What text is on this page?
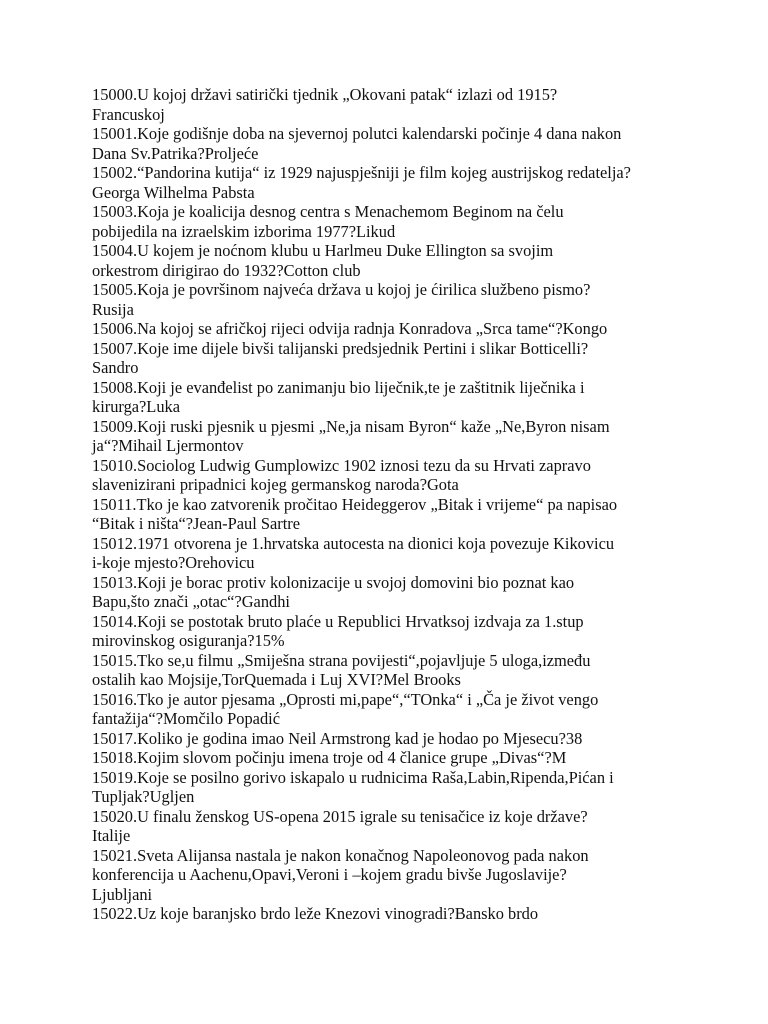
15000.U kojoj državi satirički tjednik „Okovani patak“ izlazi od 1915?
Francuskoj
15001.Koje godišnje doba na sjevernoj polutci kalendarski počinje 4 dana nakon
Dana Sv.Patrika?Proljeće
15002.“Pandorina kutija“ iz 1929 najuspješniji je film kojeg austrijskog redatelja?
Georga Wilhelma Pabsta
15003.Koja je koalicija desnog centra s Menachemom Beginom na čelu
pobijedila na izraelskim izborima 1977?Likud
15004.U kojem je noćnom klubu u Harlmeu Duke Ellington sa svojim
orkestrom dirigirao do 1932?Cotton club
15005.Koja je površinom najveća država u kojoj je ćirilica službeno pismo?
Rusija
15006.Na kojoj se afričkoj rijeci odvija radnja Konradova „Srca tame“?Kongo
15007.Koje ime dijele bivši talijanski predsjednik Pertini i slikar Botticelli?
Sandro
15008.Koji je evanđelist po zanimanju bio liječnik,te je zaštitnik liječnika i
kirurga?Luka
15009.Koji ruski pjesnik u pjesmi „Ne,ja nisam Byron“ kaže „Ne,Byron nisam
ja“?Mihail Ljermontov
15010.Sociolog Ludwig Gumplowizc 1902 iznosi tezu da su Hrvati zapravo
slavenizirani pripadnici kojeg germanskog naroda?Gota
15011.Tko je kao zatvorenik pročitao Heideggerov „Bitak i vrijeme“ pa napisao
“Bitak i ništa“?Jean-Paul Sartre
15012.1971 otvorena je 1.hrvatska autocesta na dionici koja povezuje Kikovicu
i-koje mjesto?Orehovicu
15013.Koji je borac protiv kolonizacije u svojoj domovini bio poznat kao
Bapu,što znači „otac“?Gandhi
15014.Koji se postotak bruto plaće u Republici Hrvatksoj izdvaja za 1.stup
mirovinskog osiguranja?15%
15015.Tko se,u filmu „Smiješna strana povijesti“,pojavljuje 5 uloga,između
ostalih kao Mojsije,TorQuemada i Luj XVI?Mel Brooks
15016.Tko je autor pjesama „Oprosti mi,pape“,“TOnka“ i „Ča je život vengo
fantažija“?Momčilo Popadić
15017.Koliko je godina imao Neil Armstrong kad je hodao po Mjesecu?38
15018.Kojim slovom počinju imena troje od 4 članice grupe „Divas“?M
15019.Koje se posilno gorivo iskapalo u rudnicima Raša,Labin,Ripenda,Pićan i
Tupljak?Ugljen
15020.U finalu ženskog US-opena 2015 igrale su tenisačice iz koje države?
Italije
15021.Sveta Alijansa nastala je nakon konačnog Napoleonovog pada nakon
konferencija u Aachenu,Opavi,Veroni i –kojem gradu bivše Jugoslavije?
Ljubljani
15022.Uz koje baranjsko brdo leže Knezovi vinogradi?Bansko brdo
